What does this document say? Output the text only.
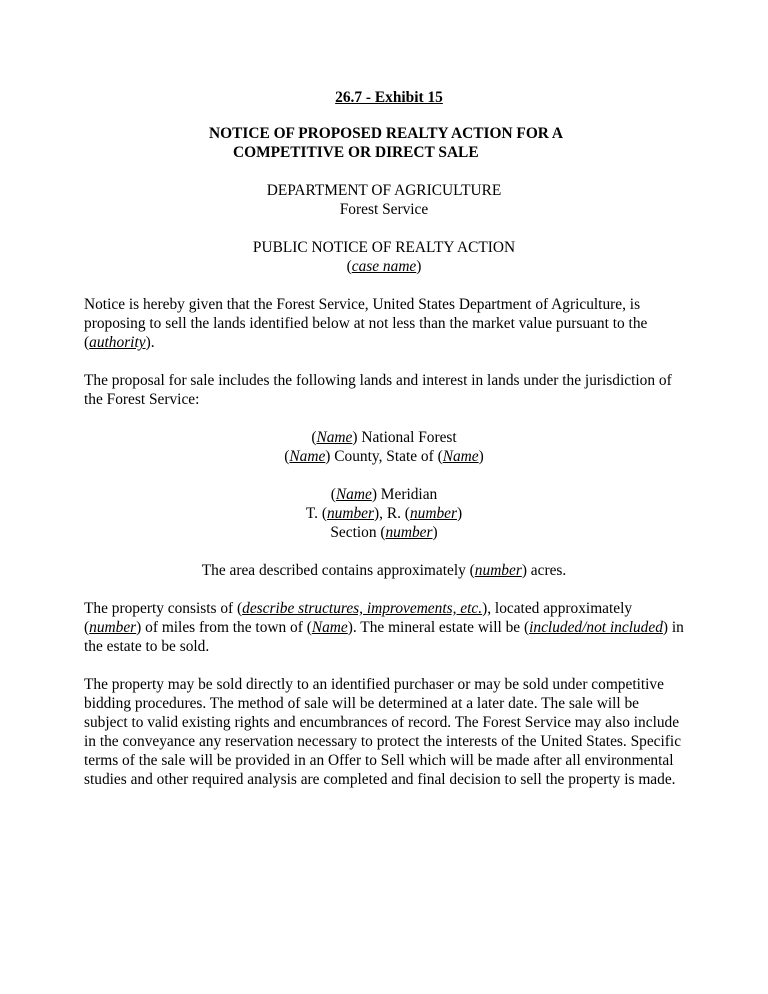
26.7 - Exhibit 15
NOTICE OF PROPOSED REALTY ACTION FOR A
COMPETITIVE OR DIRECT SALE
DEPARTMENT OF AGRICULTURE
Forest Service
PUBLIC NOTICE OF REALTY ACTION
(case name)

Notice is hereby given that the Forest Service, United States Department of Agriculture, is proposing to sell the lands identified below at not less than the market value pursuant to the (authority).

The proposal for sale includes the following lands and interest in lands under the jurisdiction of the Forest Service:

(Name) National Forest
(Name) County, State of (Name)
(Name) Meridian
T. (number), R. (number)
Section (number)

The area described contains approximately (number) acres.

The property consists of (describe structures, improvements, etc.), located approximately (number) of miles from the town of (Name). The mineral estate will be (included/not included) in the estate to be sold.

The property may be sold directly to an identified purchaser or may be sold under competitive bidding procedures. The method of sale will be determined at a later date. The sale will be subject to valid existing rights and encumbrances of record. The Forest Service may also include in the conveyance any reservation necessary to protect the interests of the United States. Specific terms of the sale will be provided in an Offer to Sell which will be made after all environmental studies and other required analysis are completed and final decision to sell the property is made.
